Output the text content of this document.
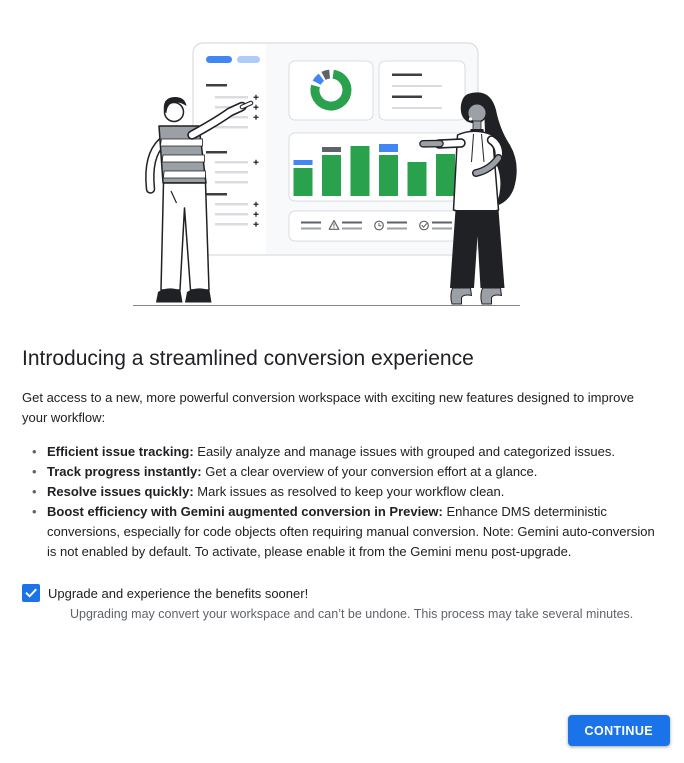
Introducing a streamlined conversion experience

Get access to a new, more powerful conversion workspace with exciting new features designed to improve your workflow:

• Efficient issue tracking: Easily analyze and manage issues with grouped and categorized issues.
• Track progress instantly: Get a clear overview of your conversion effort at a glance.
• Resolve issues quickly: Mark issues as resolved to keep your workflow clean.
• Boost efficiency with Gemini augmented conversion in Preview: Enhance DMS deterministic conversions, especially for code objects often requiring manual conversion. Note: Gemini auto-conversion is not enabled by default. To activate, please enable it from the Gemini menu post-upgrade.
Upgrade and experience the benefits sooner!
Upgrading may convert your workspace and can’t be undone. This process may take several minutes.
CONTINUE
